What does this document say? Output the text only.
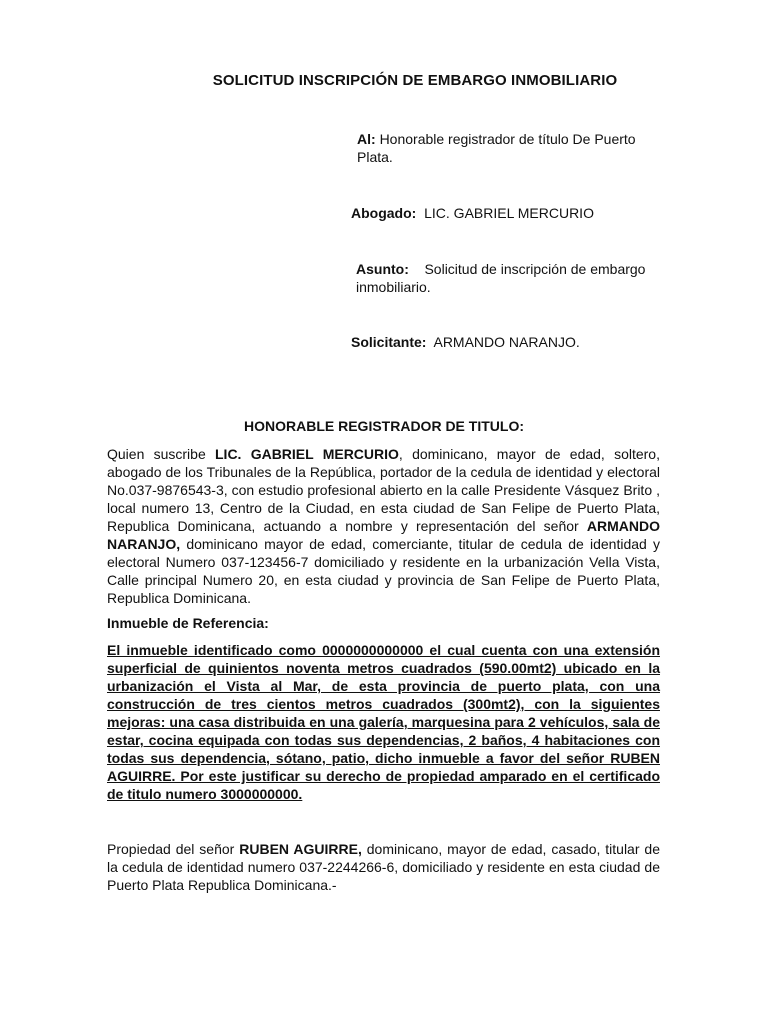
SOLICITUD INSCRIPCIÓN DE EMBARGO INMOBILIARIO
Al: Honorable registrador de título De Puerto Plata.
Abogado: LIC. GABRIEL MERCURIO
Asunto: Solicitud de inscripción de embargo inmobiliario.
Solicitante: ARMANDO NARANJO.
HONORABLE REGISTRADOR DE TITULO:
Quien suscribe LIC. GABRIEL MERCURIO, dominicano, mayor de edad, soltero, abogado de los Tribunales de la República, portador de la cedula de identidad y electoral No.037-9876543-3, con estudio profesional abierto en la calle Presidente Vásquez Brito , local numero 13, Centro de la Ciudad, en esta ciudad de San Felipe de Puerto Plata, Republica Dominicana, actuando a nombre y representación del señor ARMANDO NARANJO, dominicano mayor de edad, comerciante, titular de cedula de identidad y electoral Numero 037-123456-7 domiciliado y residente en la urbanización Vella Vista, Calle principal Numero 20, en esta ciudad y provincia de San Felipe de Puerto Plata, Republica Dominicana.
Inmueble de Referencia:
El inmueble identificado como 0000000000000 el cual cuenta con una extensión superficial de quinientos noventa metros cuadrados (590.00mt2) ubicado en la urbanización el Vista al Mar, de esta provincia de puerto plata, con una construcción de tres cientos metros cuadrados (300mt2), con la siguientes mejoras: una casa distribuida en una galería, marquesina para 2 vehículos, sala de estar, cocina equipada con todas sus dependencias, 2 baños, 4 habitaciones con todas sus dependencia, sótano, patio, dicho inmueble a favor del señor RUBEN AGUIRRE. Por este justificar su derecho de propiedad amparado en el certificado de titulo numero 3000000000.
Propiedad del señor RUBEN AGUIRRE, dominicano, mayor de edad, casado, titular de la cedula de identidad numero 037-2244266-6, domiciliado y residente en esta ciudad de Puerto Plata Republica Dominicana.-
